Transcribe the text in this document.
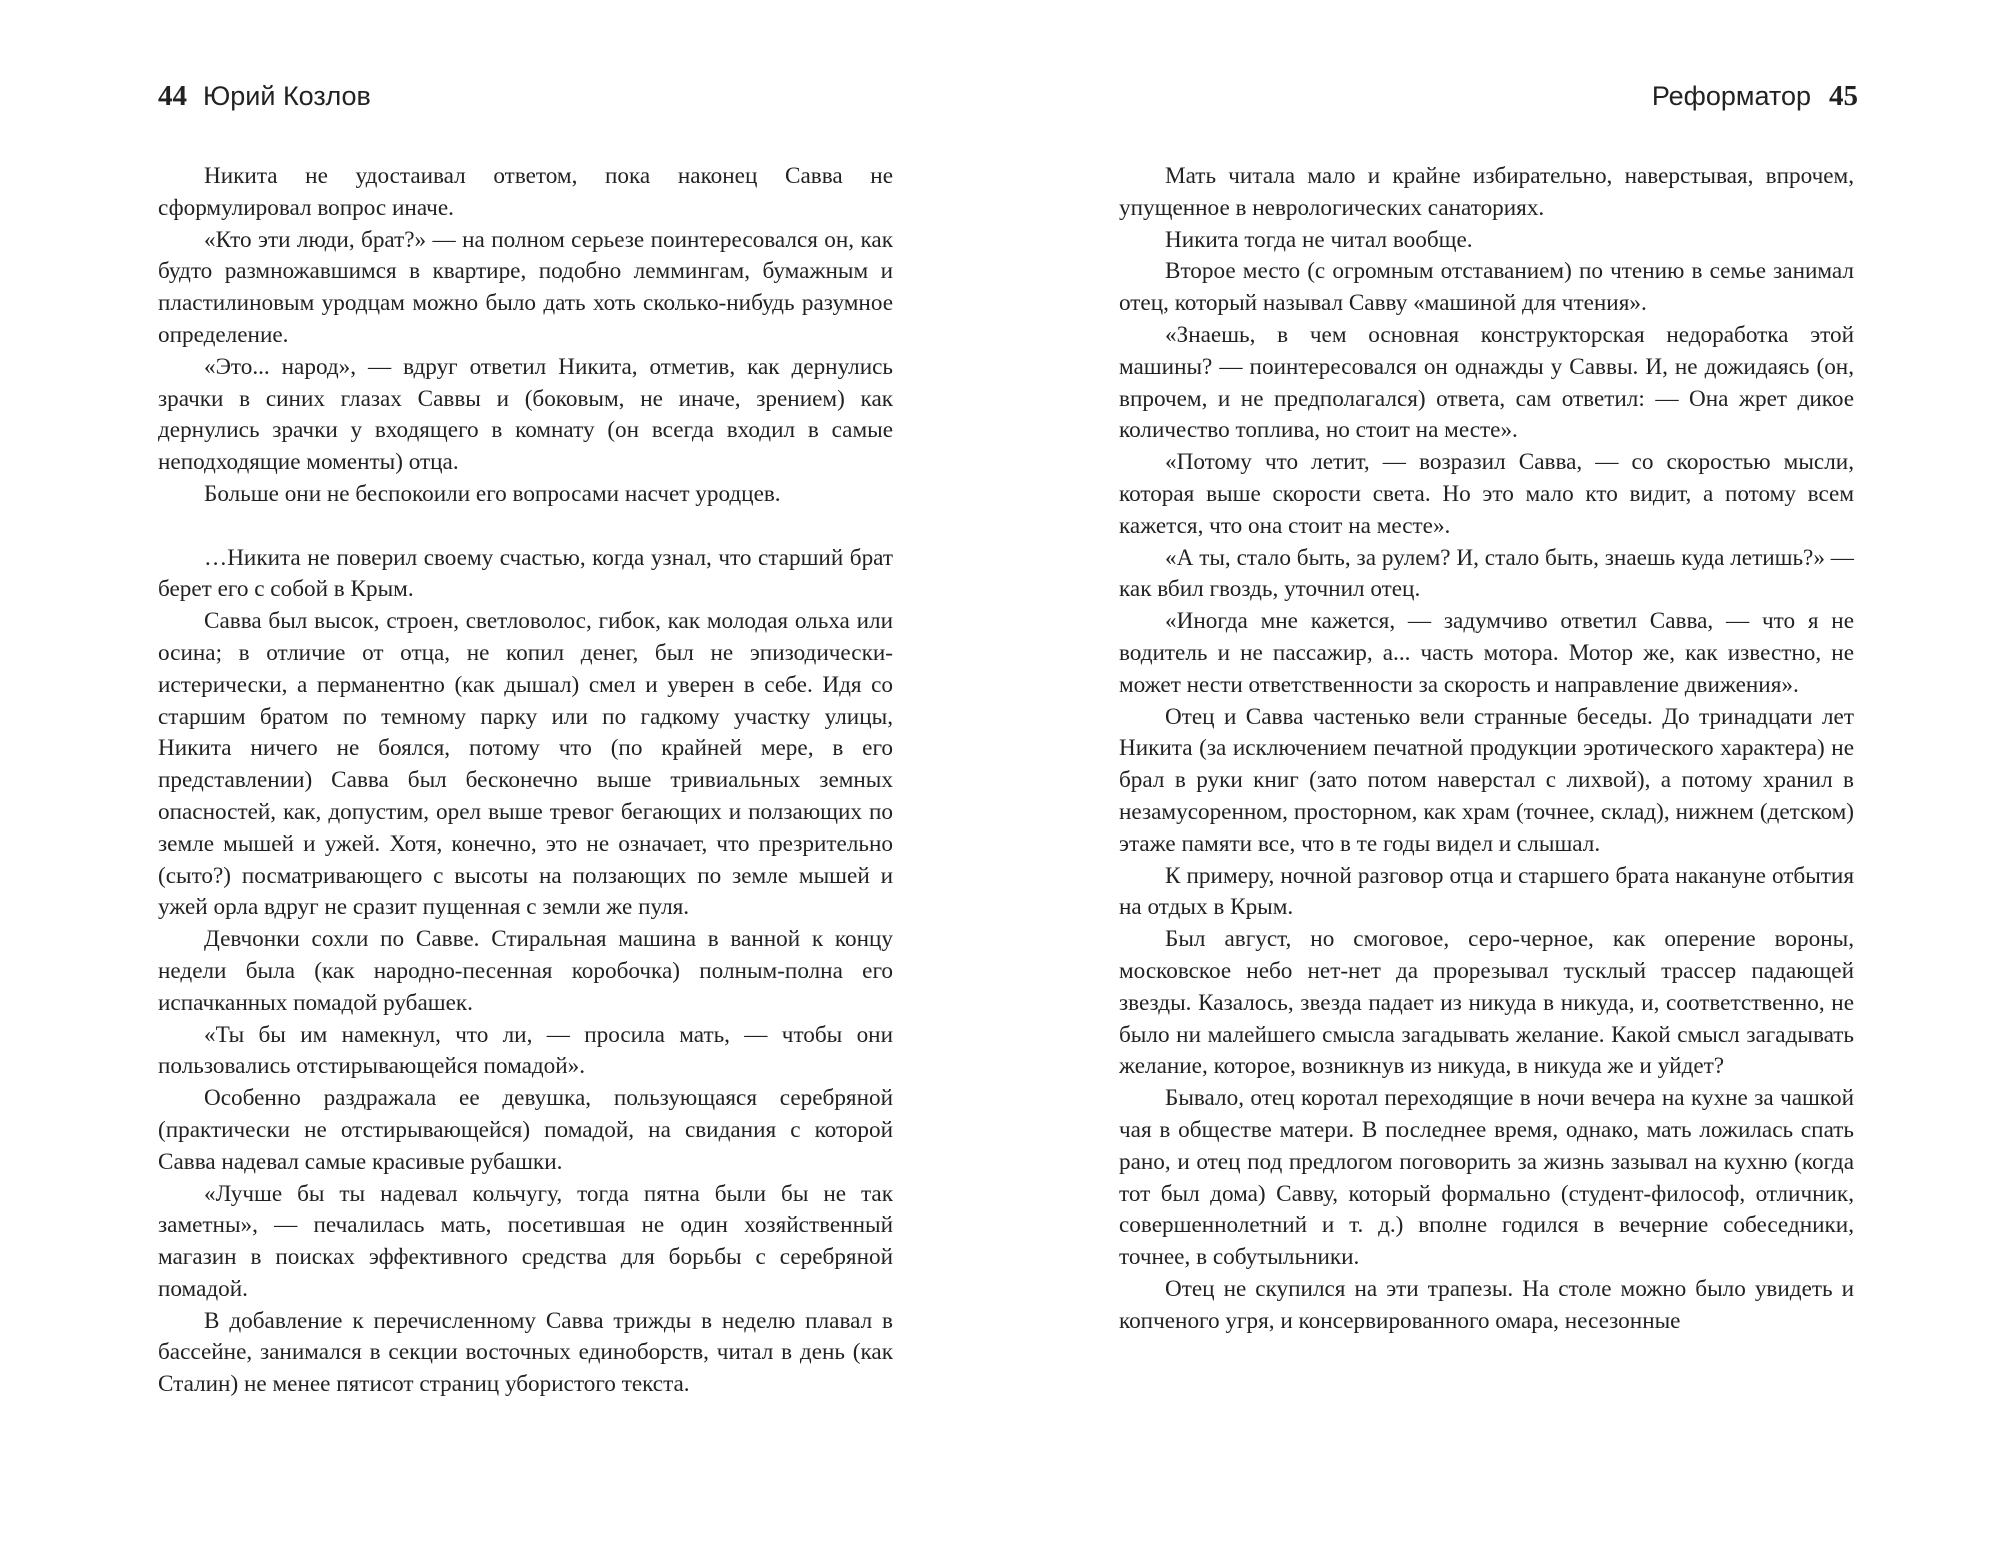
44 Юрий Козлов

Никита не удостаивал ответом, пока наконец Савва не сформулировал вопрос иначе.

«Кто эти люди, брат?» — на полном серьезе поинтересовался он, как будто размножавшимся в квартире, подобно леммингам, бумажным и пластилиновым уродцам можно было дать хоть сколько-нибудь разумное определение.

«Это... народ», — вдруг ответил Никита, отметив, как дернулись зрачки в синих глазах Саввы и (боковым, не иначе, зрением) как дернулись зрачки у входящего в комнату (он всегда входил в самые неподходящие моменты) отца.

Больше они не беспокоили его вопросами насчет уродцев.

…Никита не поверил своему счастью, когда узнал, что старший брат берет его с собой в Крым.

Савва был высок, строен, светловолос, гибок, как молодая ольха или осина; в отличие от отца, не копил денег, был не эпизодически-истерически, а перманентно (как дышал) смел и уверен в себе. Идя со старшим братом по темному парку или по гадкому участку улицы, Никита ничего не боялся, потому что (по крайней мере, в его представлении) Савва был бесконечно выше тривиальных земных опасностей, как, допустим, орел выше тревог бегающих и ползающих по земле мышей и ужей. Хотя, конечно, это не означает, что презрительно (сыто?) посматривающего с высоты на ползающих по земле мышей и ужей орла вдруг не сразит пущенная с земли же пуля.

Девчонки сохли по Савве. Стиральная машина в ванной к концу недели была (как народно-песенная коробочка) полным-полна его испачканных помадой рубашек.

«Ты бы им намекнул, что ли, — просила мать, — чтобы они пользовались отстирывающейся помадой».

Особенно раздражала ее девушка, пользующаяся серебряной (практически не отстирывающейся) помадой, на свидания с которой Савва надевал самые красивые рубашки.

«Лучше бы ты надевал кольчугу, тогда пятна были бы не так заметны», — печалилась мать, посетившая не один хозяйственный магазин в поисках эффективного средства для борьбы с серебряной помадой.

В добавление к перечисленному Савва трижды в неделю плавал в бассейне, занимался в секции восточных единоборств, читал в день (как Сталин) не менее пятисот страниц убористого текста.

Реформатор 45

Мать читала мало и крайне избирательно, наверстывая, впрочем, упущенное в неврологических санаториях.

Никита тогда не читал вообще.

Второе место (с огромным отставанием) по чтению в семье занимал отец, который называл Савву «машиной для чтения».

«Знаешь, в чем основная конструкторская недоработка этой машины? — поинтересовался он однажды у Саввы. И, не дожидаясь (он, впрочем, и не предполагался) ответа, сам ответил: — Она жрет дикое количество топлива, но стоит на месте».

«Потому что летит, — возразил Савва, — со скоростью мысли, которая выше скорости света. Но это мало кто видит, а потому всем кажется, что она стоит на месте».

«А ты, стало быть, за рулем? И, стало быть, знаешь куда летишь?» — как вбил гвоздь, уточнил отец.

«Иногда мне кажется, — задумчиво ответил Савва, — что я не водитель и не пассажир, а... часть мотора. Мотор же, как известно, не может нести ответственности за скорость и направление движения».

Отец и Савва частенько вели странные беседы. До тринадцати лет Никита (за исключением печатной продукции эротического характера) не брал в руки книг (зато потом наверстал с лихвой), а потому хранил в незамусоренном, просторном, как храм (точнее, склад), нижнем (детском) этаже памяти все, что в те годы видел и слышал.

К примеру, ночной разговор отца и старшего брата накануне отбытия на отдых в Крым.

Был август, но смоговое, серо-черное, как оперение вороны, московское небо нет-нет да прорезывал тусклый трассер падающей звезды. Казалось, звезда падает из никуда в никуда, и, соответственно, не было ни малейшего смысла загадывать желание. Какой смысл загадывать желание, которое, возникнув из никуда, в никуда же и уйдет?

Бывало, отец коротал переходящие в ночи вечера на кухне за чашкой чая в обществе матери. В последнее время, однако, мать ложилась спать рано, и отец под предлогом поговорить за жизнь зазывал на кухню (когда тот был дома) Савву, который формально (студент-философ, отличник, совершеннолетний и т. д.) вполне годился в вечерние собеседники, точнее, в собутыльники.

Отец не скупился на эти трапезы. На столе можно было увидеть и копченого угря, и консервированного омара, несезонные
